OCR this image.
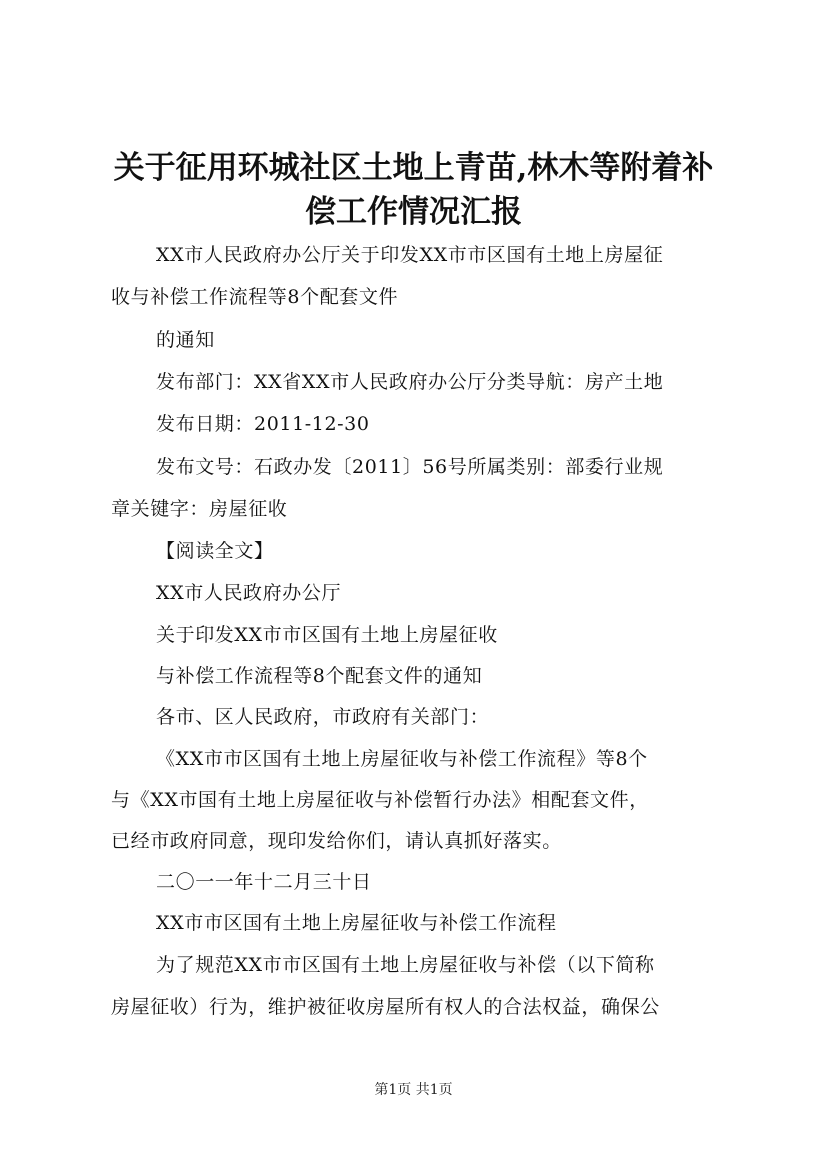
关于征用环城社区土地上青苗,林木等附着补
偿工作情况汇报
XX市人民政府办公厅关于印发XX市市区国有土地上房屋征
收与补偿工作流程等8个配套文件
的通知
发布部门：XX省XX市人民政府办公厅分类导航：房产土地
发布日期：2011-12-30
发布文号：石政办发〔2011〕56号所属类别：部委行业规
章关键字：房屋征收
【阅读全文】
XX市人民政府办公厅
关于印发XX市市区国有土地上房屋征收
与补偿工作流程等8个配套文件的通知
各市、区人民政府，市政府有关部门：
《XX市市区国有土地上房屋征收与补偿工作流程》等8个
与《XX市国有土地上房屋征收与补偿暂行办法》相配套文件，
已经市政府同意，现印发给你们，请认真抓好落实。
二〇一一年十二月三十日
XX市市区国有土地上房屋征收与补偿工作流程
为了规范XX市市区国有土地上房屋征收与补偿（以下简称
房屋征收）行为，维护被征收房屋所有权人的合法权益，确保公
第1页 共1页
